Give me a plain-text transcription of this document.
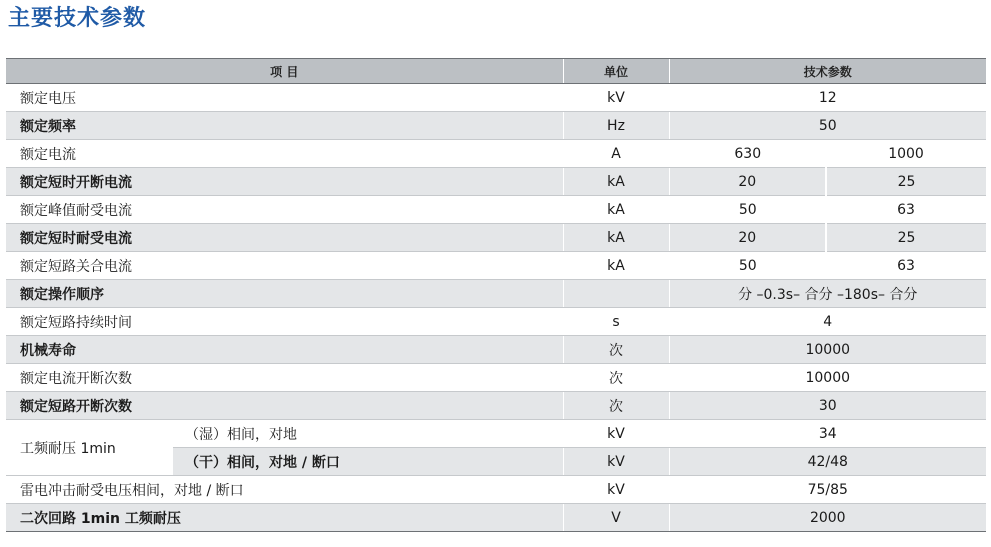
主要技术参数
项 目		单位	技术参数	
额定电压		kV	12	
额定频率		Hz	50	
额定电流		A	630	1000
额定短时开断电流		kA	20	25
额定峰值耐受电流		kA	50	63
额定短时耐受电流		kA	20	25
额定短路关合电流		kA	50	63
额定操作顺序			分 –0.3s– 合分 –180s– 合分	
额定短路持续时间		s	4	
机械寿命		次	10000	
额定电流开断次数		次	10000	
额定短路开断次数		次	30	
工频耐压 1min	（湿）相间，对地	kV	34	
	（干）相间，对地 / 断口	kV	42/48	
雷电冲击耐受电压相间，对地 / 断口		kV	75/85	
二次回路 1min 工频耐压		V	2000	
